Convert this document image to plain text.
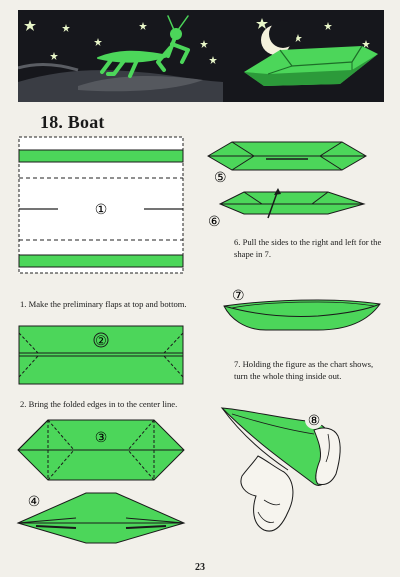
18. Boat
①
1. Make the preliminary flaps at top and bottom.
②
2. Bring the folded edges in to the center line.
③
④
⑤
⑥
6. Pull the sides to the right and left for the shape in 7.
⑦
7. Holding the figure as the chart shows, turn the whole thing inside out.
⑧
23
